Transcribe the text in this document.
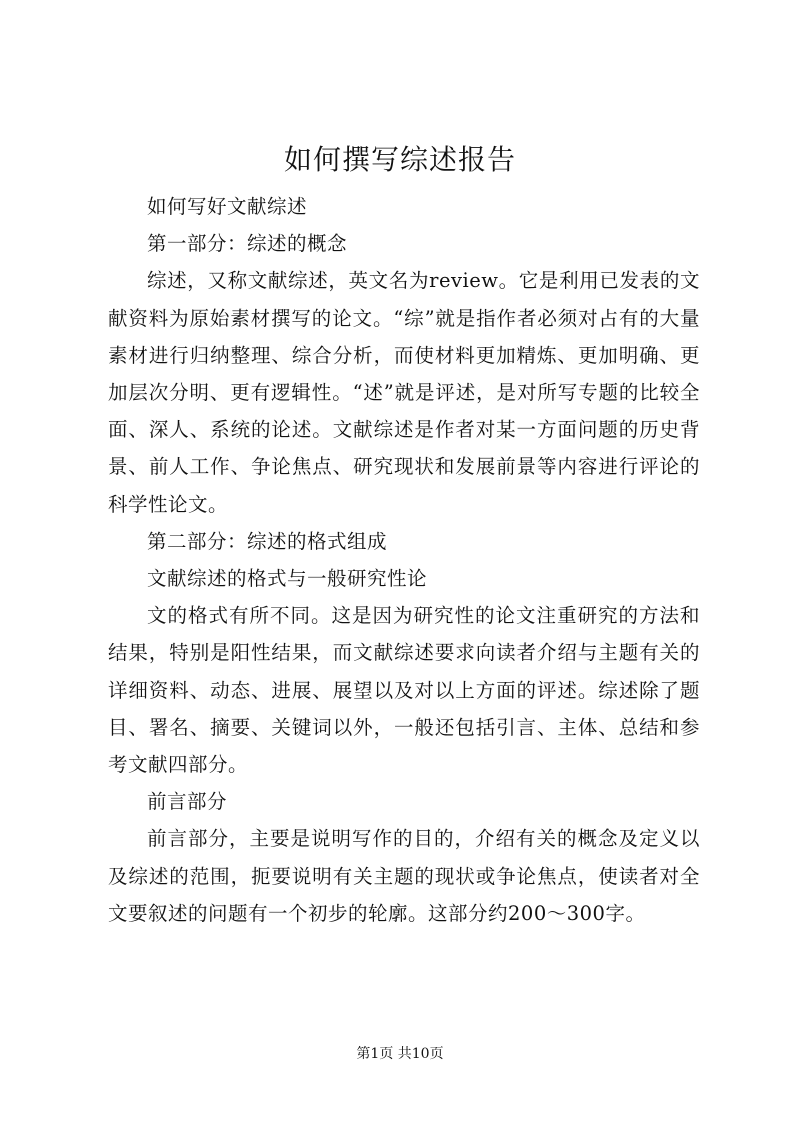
如何撰写综述报告

如何写好文献综述

第一部分：综述的概念

综述，又称文献综述，英文名为review。它是利用已发表的文献资料为原始素材撰写的论文。“综”就是指作者必须对占有的大量素材进行归纳整理、综合分析，而使材料更加精炼、更加明确、更加层次分明、更有逻辑性。“述”就是评述，是对所写专题的比较全面、深人、系统的论述。文献综述是作者对某一方面问题的历史背景、前人工作、争论焦点、研究现状和发展前景等内容进行评论的科学性论文。

第二部分：综述的格式组成

文献综述的格式与一般研究性论

文的格式有所不同。这是因为研究性的论文注重研究的方法和结果，特别是阳性结果，而文献综述要求向读者介绍与主题有关的详细资料、动态、进展、展望以及对以上方面的评述。综述除了题目、署名、摘要、关键词以外，一般还包括引言、主体、总结和参考文献四部分。

前言部分

前言部分，主要是说明写作的目的，介绍有关的概念及定义以及综述的范围，扼要说明有关主题的现状或争论焦点，使读者对全文要叙述的问题有一个初步的轮廓。这部分约200～300字。

第1页 共10页
